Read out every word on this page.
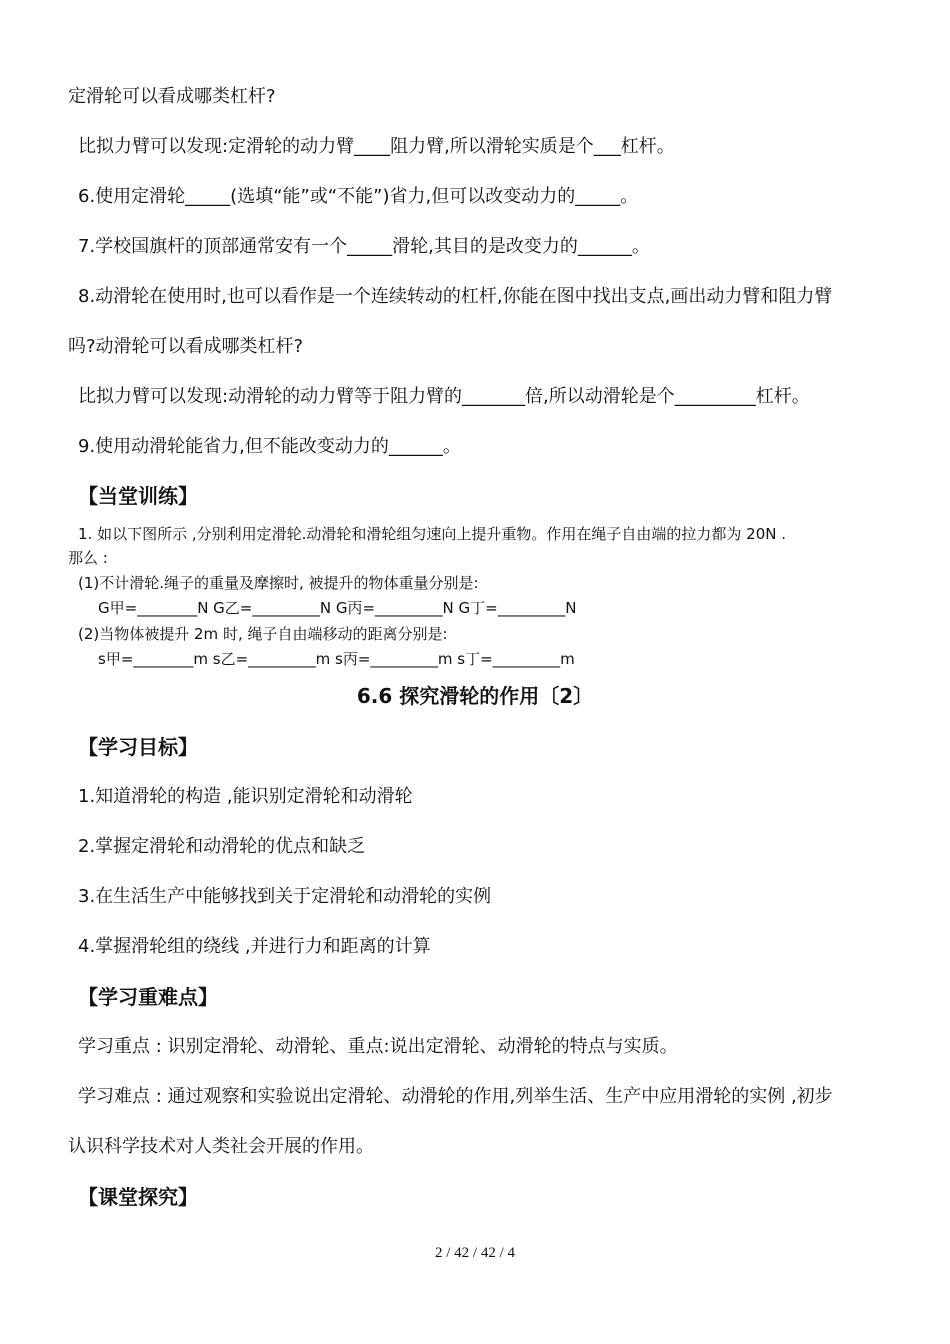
定滑轮可以看成哪类杠杆?
比拟力臂可以发现:定滑轮的动力臂____阻力臂,所以滑轮实质是个___杠杆。
6.使用定滑轮_____(选填“能”或“不能”)省力,但可以改变动力的_____。
7.学校国旗杆的顶部通常安有一个_____滑轮,其目的是改变力的______。
8.动滑轮在使用时,也可以看作是一个连续转动的杠杆,你能在图中找出支点,画出动力臂和阻力臂
吗?动滑轮可以看成哪类杠杆?
比拟力臂可以发现:动滑轮的动力臂等于阻力臂的_______倍,所以动滑轮是个_________杠杆。
9.使用动滑轮能省力,但不能改变动力的______。
【当堂训练】
1. 如以下图所示 ,分别利用定滑轮.动滑轮和滑轮组匀速向上提升重物。作用在绳子自由端的拉力都为 20N .
那么 :
(1)不计滑轮.绳子的重量及摩擦时, 被提升的物体重量分别是:
G甲=________N G乙=_________N G丙=_________N G丁=_________N
(2)当物体被提升 2m 时, 绳子自由端移动的距离分别是:
s甲=________m s乙=_________m s丙=_________m s丁=_________m
6.6 探究滑轮的作用〔2〕
【学习目标】
1.知道滑轮的构造 ,能识别定滑轮和动滑轮
2.掌握定滑轮和动滑轮的优点和缺乏
3.在生活生产中能够找到关于定滑轮和动滑轮的实例
4.掌握滑轮组的绕线 ,并进行力和距离的计算
【学习重难点】
学习重点 : 识别定滑轮、动滑轮、重点:说出定滑轮、动滑轮的特点与实质。
学习难点 : 通过观察和实验说出定滑轮、动滑轮的作用,列举生活、生产中应用滑轮的实例 ,初步
认识科学技术对人类社会开展的作用。
【课堂探究】
2 / 42 / 42 / 4
